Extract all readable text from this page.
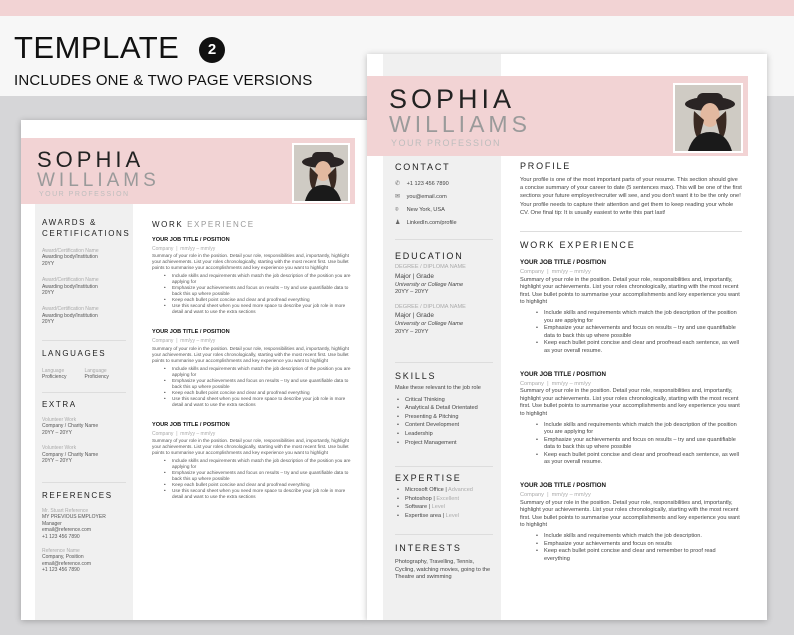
TEMPLATE	2
INCLUDES ONE & TWO PAGE VERSIONS
SOPHIA
WILLIAMS
YOUR PROFESSION
AWARDS & CERTIFICATIONS
Award/Certification Name
Awarding body/Institution
20YY
Award/Certification Name
Awarding body/Institution
20YY
Award/Certification Name
Awarding body/Institution
20YY
LANGUAGES
Language
Proficiency
Language
Proficiency
EXTRA
Volunteer Work
Company / Charity Name
20YY – 20YY
Volunteer Work
Company / Charity Name
20YY – 20YY
REFERENCES
Mr. Stuart Reference
MY PREVIOUS EMPLOYER
Manager
email@reference.com
+1 123 456 7890
Reference Name
Company, Position
email@reference.com
+1 123 456 7890
WORK EXPERIENCE
YOUR JOB TITLE / POSITION
Company | mm/yy – mm/yy
Summary of your role in the position. Detail your role, responsibilities and, importantly, highlight your achievements. List your roles chronologically, starting with the most recent first. Use bullet points to summarise your accomplishments and key experience you want to highlight
• Include skills and requirements which match the job description of the position you are applying for
• Emphasize your achievements and focus on results – try and use quantifiable data to back this up where possible
• Keep each bullet point concise and clear and proofread everything
• Use this second sheet when you need more space to describe your job role in more detail and want to use the extra sections
YOUR JOB TITLE / POSITION
Company | mm/yy – mm/yy
Summary of your role in the position. Detail your role, responsibilities and, importantly, highlight your achievements. List your roles chronologically, starting with the most recent first. Use bullet points to summarise your accomplishments and key experience you want to highlight
• Include skills and requirements which match the job description of the position you are applying for
• Emphasize your achievements and focus on results – try and use quantifiable data to back this up where possible
• Keep each bullet point concise and clear and proofread everything
• Use this second sheet when you need more space to describe your job role in more detail and want to use the extra sections
YOUR JOB TITLE / POSITION
Company | mm/yy – mm/yy
Summary of your role in the position. Detail your role, responsibilities and, importantly, highlight your achievements. List your roles chronologically, starting with the most recent first. Use bullet points to summarise your accomplishments and key experience you want to highlight
• Include skills and requirements which match the job description of the position you are applying for
• Emphasize your achievements and focus on results – try and use quantifiable data to back this up where possible
• Keep each bullet point concise and clear and proofread everything
• Use this second sheet when you need more space to describe your job role in more detail and want to use the extra sections
SOPHIA
WILLIAMS
YOUR PROFESSION
CONTACT
✆ +1 123 456 7890
✉ you@email.com
⌾ New York, USA
♟ LinkedIn.com/profile
EDUCATION
DEGREE / DIPLOMA NAME
Major | Grade
University or College Name
20YY – 20YY
DEGREE / DIPLOMA NAME
Major | Grade
University or College Name
20YY – 20YY
SKILLS
Make these relevant to the job role
• Critical Thinking
• Analytical & Detail Orientated
• Presenting & Pitching
• Content Development
• Leadership
• Project Management
EXPERTISE
• Microsoft Office | Advanced
• Photoshop | Excellent
• Software | Level
• Expertise area | Level
INTERESTS
Photography, Travelling, Tennis, Cycling, watching movies, going to the Theatre and swimming
PROFILE
Your profile is one of the most important parts of your resume. This section should give a concise summary of your career to date (5 sentences max). This will be one of the first sections your future employer/recruiter will see, and you don't want it to be the only one! Your profile needs to capture their attention and get them to keep reading your whole CV. One final tip: It is usually easiest to write this part last!
WORK EXPERIENCE
YOUR JOB TITLE / POSITION
Company | mm/yy – mm/yy
Summary of your role in the position. Detail your role, responsibilities and, importantly, highlight your achievements. List your roles chronologically, starting with the most recent first. Use bullet points to summarise your accomplishments and key experience you want to highlight
• Include skills and requirements which match the job description of the position you are applying for
• Emphasize your achievements and focus on results – try and use quantifiable data to back this up where possible
• Keep each bullet point concise and clear and proofread each sentence, as well as your overall resume.
YOUR JOB TITLE / POSITION
Company | mm/yy – mm/yy
Summary of your role in the position. Detail your role, responsibilities and, importantly, highlight your achievements. List your roles chronologically, starting with the most recent first. Use bullet points to summarise your accomplishments and key experience you want to highlight
• Include skills and requirements which match the job description of the position you are applying for
• Emphasize your achievements and focus on results – try and use quantifiable data to back this up where possible
• Keep each bullet point concise and clear and proofread each sentence, as well as your overall resume.
YOUR JOB TITLE / POSITION
Company | mm/yy – mm/yy
Summary of your role in the position. Detail your role, responsibilities and, importantly, highlight your achievements. List your roles chronologically, starting with the most recent first. Use bullet points to summarise your accomplishments and key experience you want to highlight
• Include skills and requirements which match the job description.
• Emphasize your achievements and focus on results
• Keep each bullet point concise and clear and remember to proof read everything
